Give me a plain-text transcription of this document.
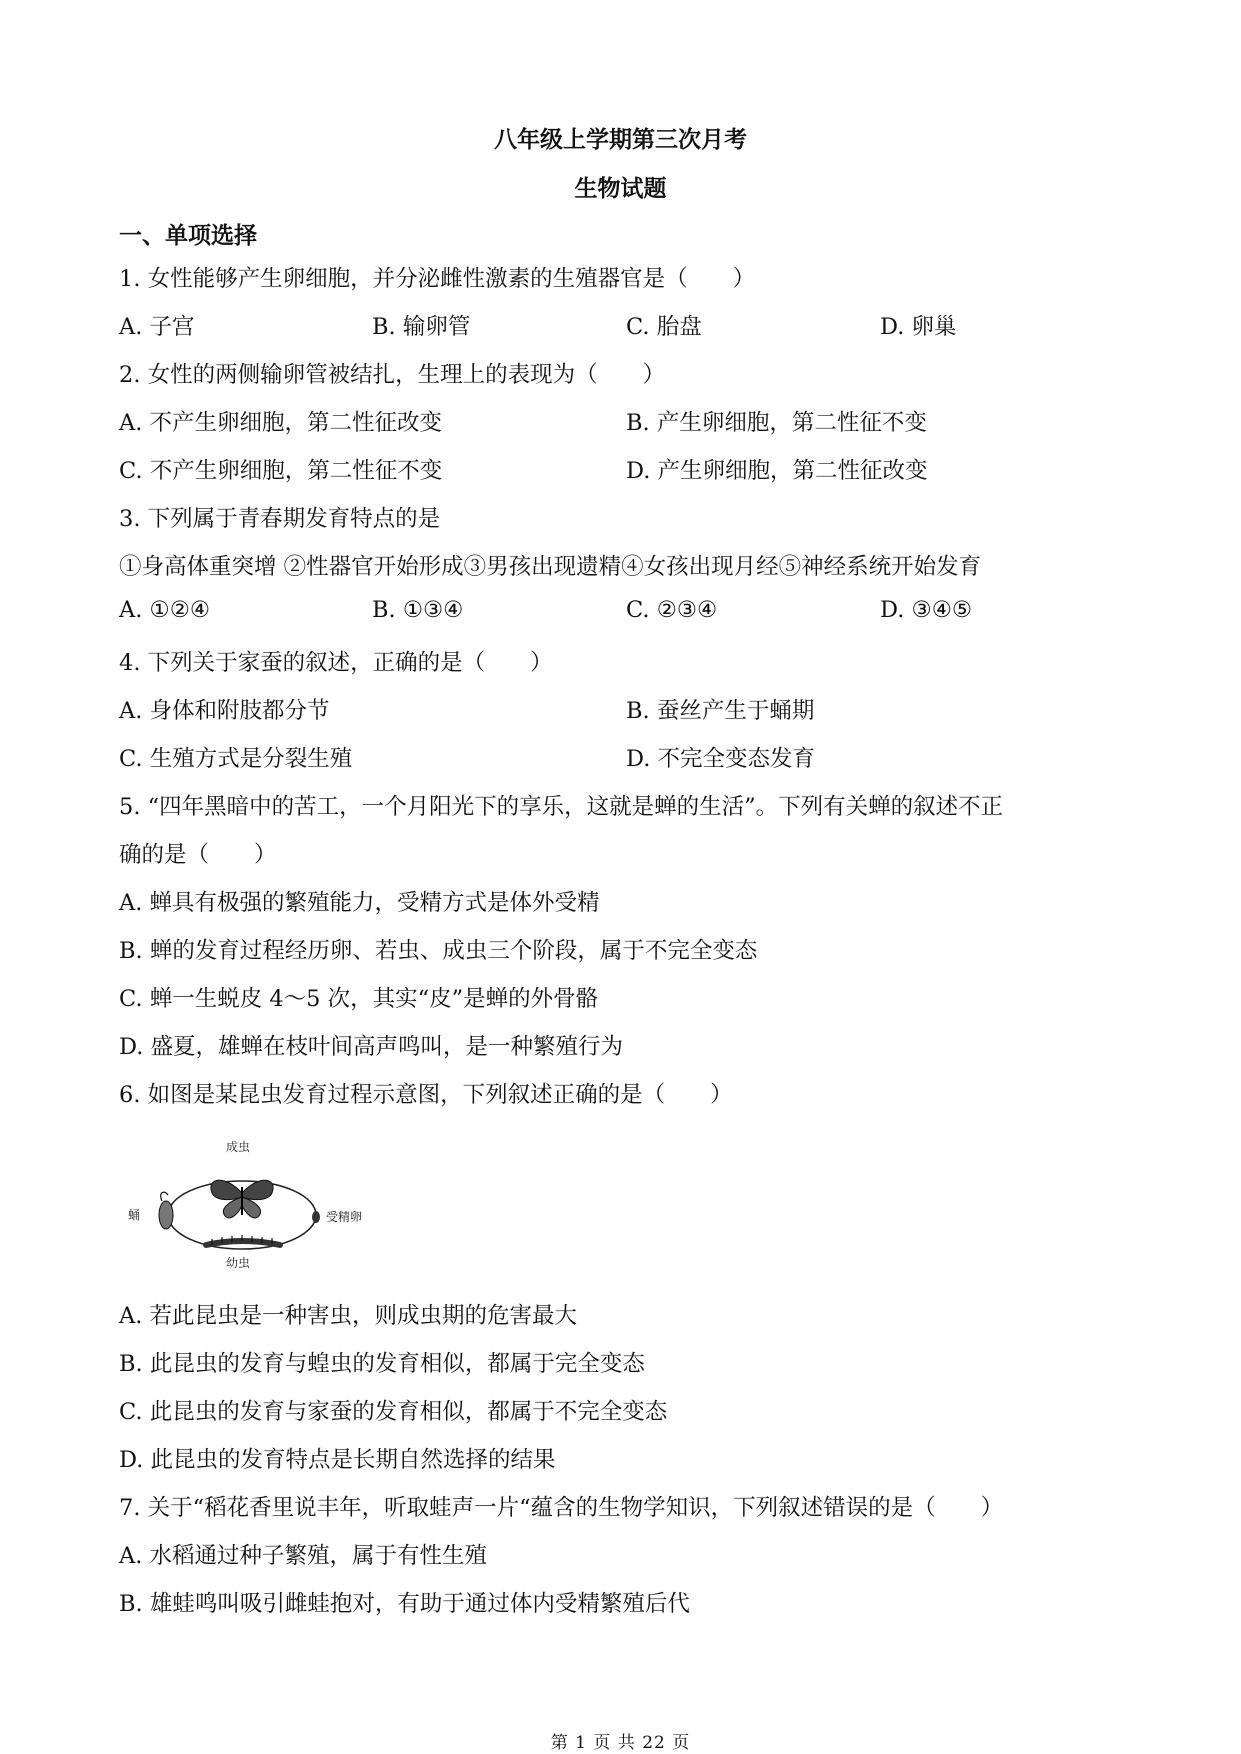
八年级上学期第三次月考
生物试题
一、单项选择
1. 女性能够产生卵细胞，并分泌雌性激素的生殖器官是（　　）
A. 子宫	B. 输卵管	C. 胎盘	D. 卵巢
2. 女性的两侧输卵管被结扎，生理上的表现为（　　）
A. 不产生卵细胞，第二性征改变	B. 产生卵细胞，第二性征不变
C. 不产生卵细胞，第二性征不变	D. 产生卵细胞，第二性征改变
3. 下列属于青春期发育特点的是
①身高体重突增 ②性器官开始形成③男孩出现遗精④女孩出现月经⑤神经系统开始发育
A. ①②④	B. ①③④	C. ②③④	D. ③④⑤
4. 下列关于家蚕的叙述，正确的是（　　）
A. 身体和附肢都分节	B. 蚕丝产生于蛹期
C. 生殖方式是分裂生殖	D. 不完全变态发育
5. “四年黑暗中的苦工，一个月阳光下的享乐，这就是蝉的生活”。下列有关蝉的叙述不正
确的是（　　）
A. 蝉具有极强的繁殖能力，受精方式是体外受精
B. 蝉的发育过程经历卵、若虫、成虫三个阶段，属于不完全变态
C. 蝉一生蜕皮 4～5 次，其实“皮”是蝉的外骨骼
D. 盛夏，雄蝉在枝叶间高声鸣叫，是一种繁殖行为
6. 如图是某昆虫发育过程示意图，下列叙述正确的是（　　）
成虫
蛹	受精卵
幼虫
A. 若此昆虫是一种害虫，则成虫期的危害最大
B. 此昆虫的发育与蝗虫的发育相似，都属于完全变态
C. 此昆虫的发育与家蚕的发育相似，都属于不完全变态
D. 此昆虫的发育特点是长期自然选择的结果
7. 关于“稻花香里说丰年，听取蛙声一片“蕴含的生物学知识，下列叙述错误的是（　　）
A. 水稻通过种子繁殖，属于有性生殖
B. 雄蛙鸣叫吸引雌蛙抱对，有助于通过体内受精繁殖后代
第 1 页 共 22 页
